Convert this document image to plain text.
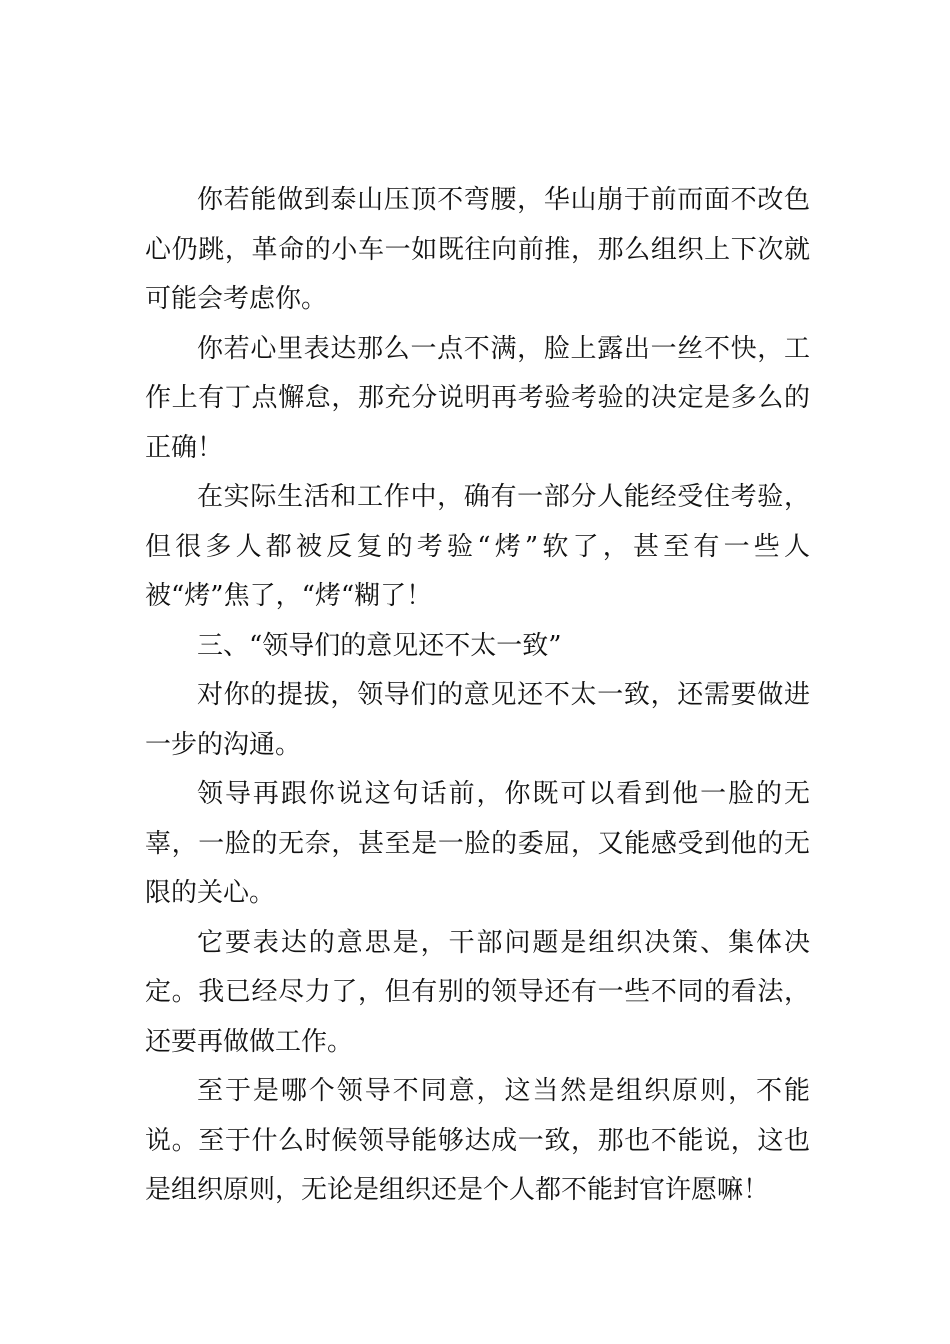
你若能做到泰山压顶不弯腰，华山崩于前而面不改色心仍跳，革命的小车一如既往向前推，那么组织上下次就可能会考虑你。

你若心里表达那么一点不满，脸上露出一丝不快，工作上有丁点懈怠，那充分说明再考验考验的决定是多么的正确！

在实际生活和工作中，确有一部分人能经受住考验，但很多人都被反复的考验“烤”软了，甚至有一些人被“烤”焦了，“烤“糊了！

三、“领导们的意见还不太一致”

对你的提拔，领导们的意见还不太一致，还需要做进一步的沟通。

领导再跟你说这句话前，你既可以看到他一脸的无辜，一脸的无奈，甚至是一脸的委屈，又能感受到他的无限的关心。

它要表达的意思是，干部问题是组织决策、集体决定。我已经尽力了，但有别的领导还有一些不同的看法，还要再做做工作。

至于是哪个领导不同意，这当然是组织原则，不能说。至于什么时候领导能够达成一致，那也不能说，这也是组织原则，无论是组织还是个人都不能封官许愿嘛！
